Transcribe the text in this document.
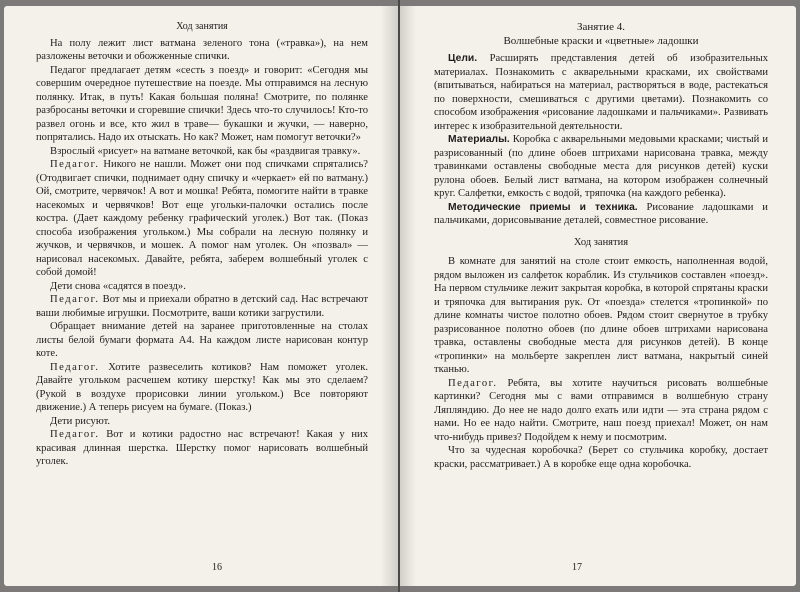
Ход занятия

На полу лежит лист ватмана зеленого тона («травка»), на нем разложены веточки и обожженные спички.

Педагог предлагает детям «сесть з поезд» и говорит: «Сегодня мы совершим очередное путешествие на поезде. Мы отправимся на лесную полянку. Итак, в путь! Какая большая поляна! Смотрите, по полянке разбросаны веточки и сгоревшие спички! Здесь что-то случилось! Кто-то развел огонь и все, кто жил в траве— букашки и жучки, — наверно, попрятались. Надо их отыскать. Но как? Может, нам помогут веточки?»

Взрослый «рисует» на ватмане веточкой, как бы «раздвигая травку».

Педагог. Никого не нашли. Может они под спичками спрятались? (Отодвигает спички, поднимает одну спичку и «черкает» ей по ватману.) Ой, смотрите, червячок! А вот и мошка! Ребята, помогите найти в травке насекомых и червячков! Вот еще угольки-палочки остались после костра. (Дает каждому ребенку графический уголек.) Вот так. (Показ способа изображения угольком.) Мы собрали на лесную полянку и жучков, и червячков, и мошек. А помог нам уголек. Он «позвал» — нарисовал насекомых. Давайте, ребята, заберем волшебный уголек с собой домой!

Дети снова «садятся в поезд».

Педагог. Вот мы и приехали обратно в детский сад. Нас встречают ваши любимые игрушки. Посмотрите, ваши котики загрустили.

Обращает внимание детей на заранее приготовленные на столах листы белой бумаги формата А4. На каждом листе нарисован контур коте.

Педагог. Хотите развеселить котиков? Нам поможет уголек. Давайте угольком расчешем котику шерстку! Как мы это сделаем? (Рукой в воздухе прорисовки линии угольком.) Все повторяют движение.) А теперь рисуем на бумаге. (Показ.)

Дети рисуют.

Педагог. Вот и котики радостно нас встречают! Какая у них красивая длинная шерстка. Шерстку помог нарисовать волшебный уголек.

16
Занятие 4.
Волшебные краски и «цветные» ладошки

Цели. Расширять представления детей об изобразительных материалах. Познакомить с акварельными красками, их свойствами (впитываться, набираться на материал, растворяться в воде, растекаться по поверхности, смешиваться с другими цветами). Познакомить со способом изображения «рисование ладошками и пальчиками». Развивать интерес к изобразительной деятельности.

Материалы. Коробка с акварельными медовыми красками; чистый и разрисованный (по длине обоев штрихами нарисована травка, между травинками оставлены свободные места для рисунков детей) куски рулона обоев. Белый лист ватмана, на котором изображен солнечный круг. Салфетки, емкость с водой, тряпочка (на каждого ребенка).

Методические приемы и техника. Рисование ладошками и пальчиками, дорисовывание деталей, совместное рисование.

Ход занятия

В комнате для занятий на столе стоит емкость, наполненная водой, рядом выложен из салфеток кораблик. Из стульчиков составлен «поезд». На первом стульчике лежит закрытая коробка, в которой спрятаны краски и тряпочка для вытирания рук. От «поезда» стелется «тропинкой» по длине комнаты чистое полотно обоев. Рядом стоит свернутое в трубку разрисованное полотно обоев (по длине обоев штрихами нарисована травка, оставлены свободные места для рисунков детей). В конце «тропинки» на мольберте закреплен лист ватмана, накрытый синей тканью.

Педагог. Ребята, вы хотите научиться рисовать волшебные картинки? Сегодня мы с вами отправимся в волшебную страну Ляпляндию. До нее не надо долго ехать или идти — эта страна рядом с нами. Но ее надо найти. Смотрите, наш поезд приехал! Может, он нам что-нибудь привез? Подойдем к нему и посмотрим.

Что за чудесная коробочка? (Берет со стульчика коробку, достает краски, рассматривает.) А в коробке еще одна коробочка.

17
